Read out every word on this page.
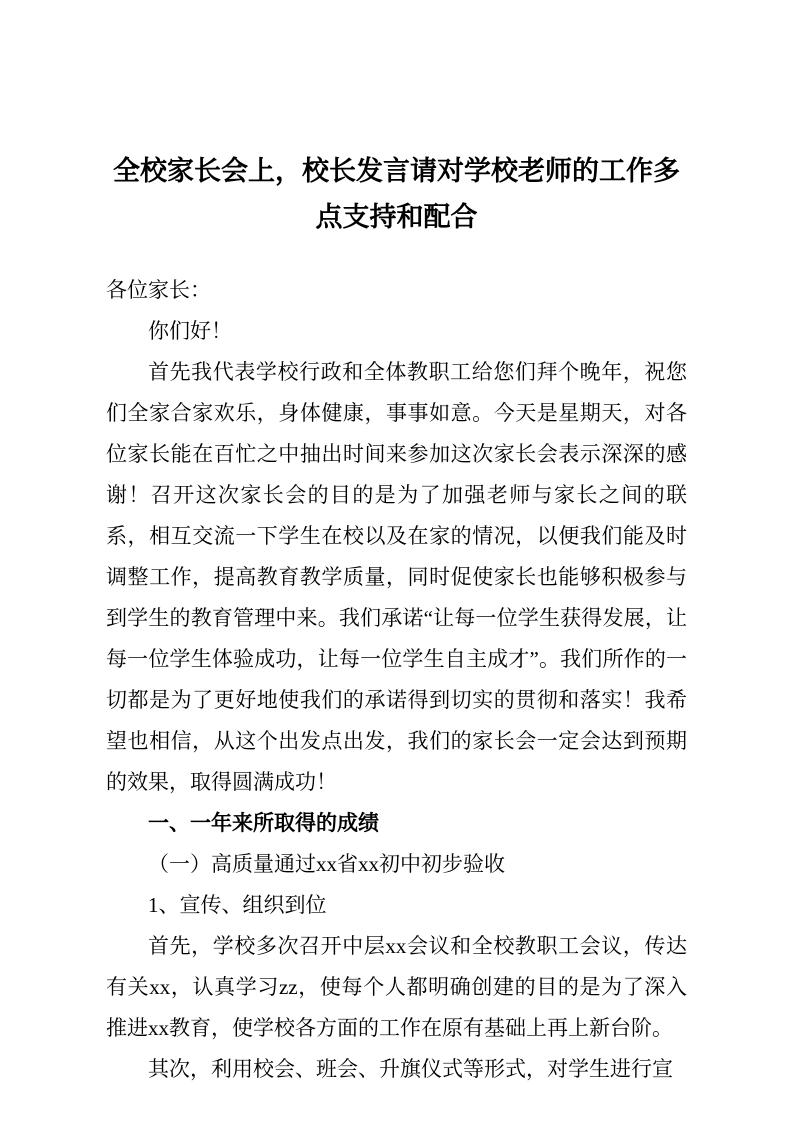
全校家长会上，校长发言请对学校老师的工作多点支持和配合

各位家长：

你们好！

首先我代表学校行政和全体教职工给您们拜个晚年，祝您们全家合家欢乐，身体健康，事事如意。今天是星期天，对各位家长能在百忙之中抽出时间来参加这次家长会表示深深的感谢！召开这次家长会的目的是为了加强老师与家长之间的联系，相互交流一下学生在校以及在家的情况，以便我们能及时调整工作，提高教育教学质量，同时促使家长也能够积极参与到学生的教育管理中来。我们承诺“让每一位学生获得发展，让每一位学生体验成功，让每一位学生自主成才”。我们所作的一切都是为了更好地使我们的承诺得到切实的贯彻和落实！我希望也相信，从这个出发点出发，我们的家长会一定会达到预期的效果，取得圆满成功！

一、一年来所取得的成绩

（一）高质量通过xx省xx初中初步验收

1、宣传、组织到位

首先，学校多次召开中层xx会议和全校教职工会议，传达有关xx，认真学习zz，使每个人都明确创建的目的是为了深入推进xx教育，使学校各方面的工作在原有基础上再上新台阶。

其次，利用校会、班会、升旗仪式等形式，对学生进行宣
